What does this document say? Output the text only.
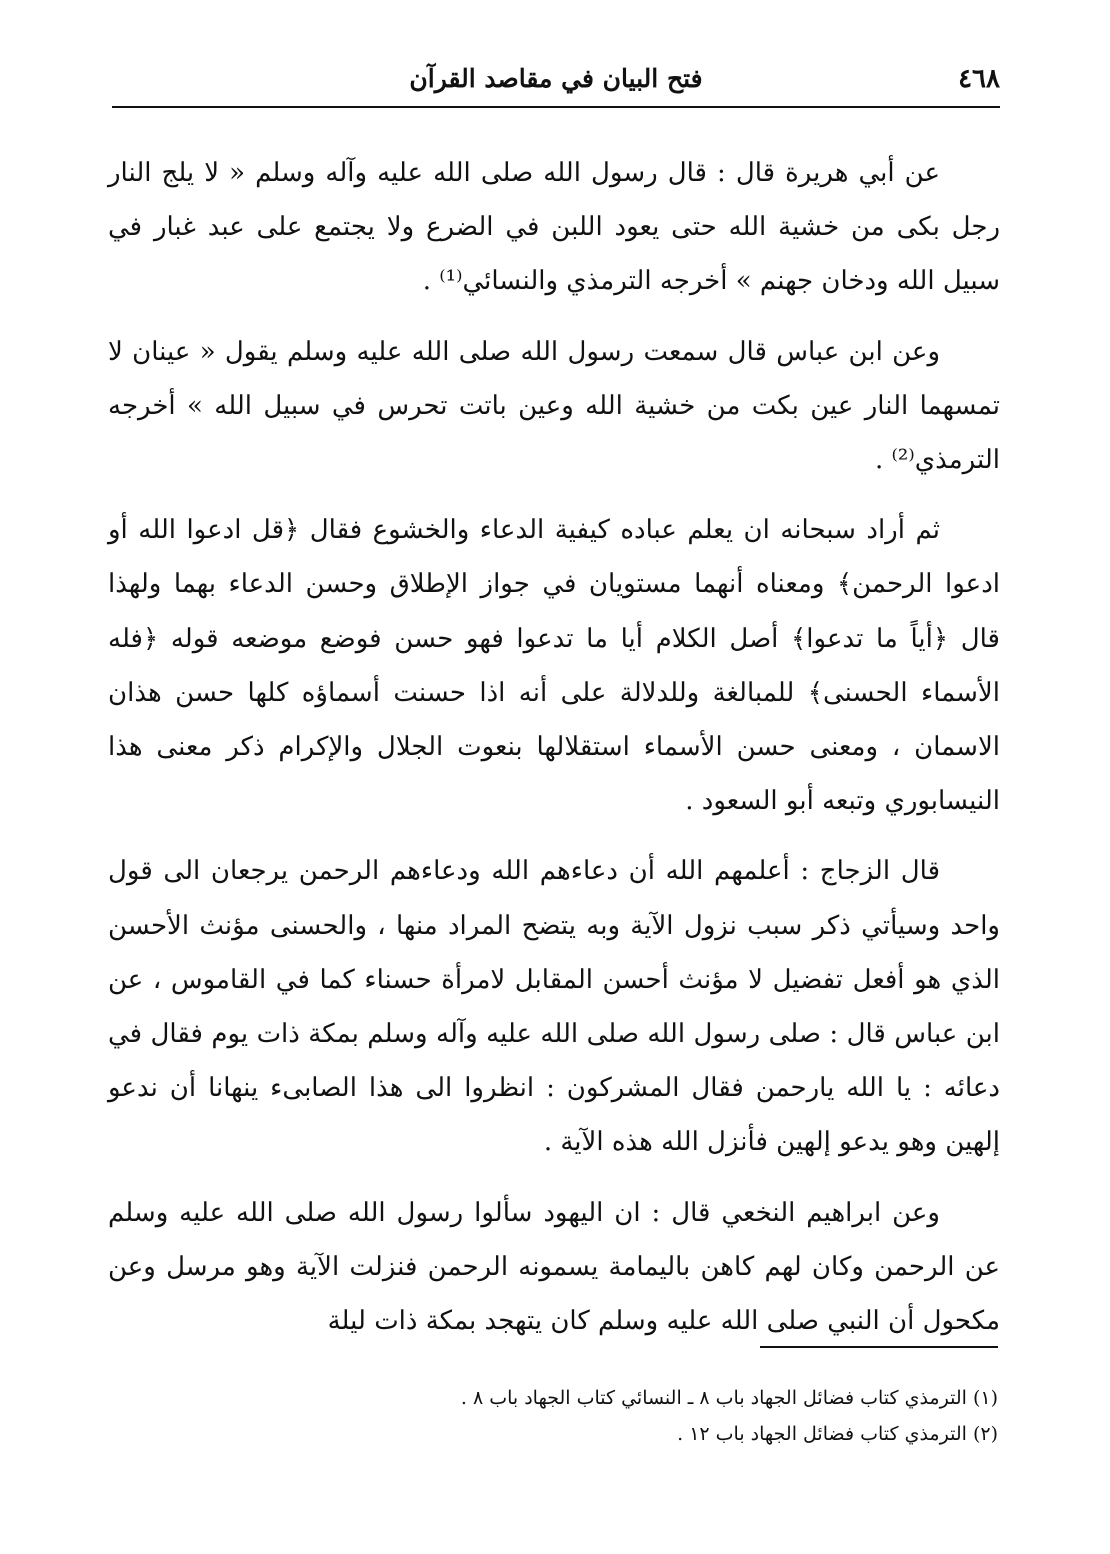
٤٦٨
فتح البيان في مقاصد القرآن

عن أبي هريرة قال : قال رسول الله صلى الله عليه وآله وسلم « لا يلج النار رجل بكى من خشية الله حتى يعود اللبن في الضرع ولا يجتمع على عبد غبار في سبيل الله ودخان جهنم » أخرجه الترمذي والنسائي⁽¹⁾ .

وعن ابن عباس قال سمعت رسول الله صلى الله عليه وسلم يقول « عينان لا تمسهما النار عين بكت من خشية الله وعين باتت تحرس في سبيل الله » أخرجه الترمذي⁽²⁾ .

ثم أراد سبحانه ان يعلم عباده كيفية الدعاء والخشوع فقال ﴿قل ادعوا الله أو ادعوا الرحمن﴾ ومعناه أنهما مستويان في جواز الإطلاق وحسن الدعاء بهما ولهذا قال ﴿أياً ما تدعوا﴾ أصل الكلام أيا ما تدعوا فهو حسن فوضع موضعه قوله ﴿فله الأسماء الحسنى﴾ للمبالغة وللدلالة على أنه اذا حسنت أسماؤه كلها حسن هذان الاسمان ، ومعنى حسن الأسماء استقلالها بنعوت الجلال والإكرام ذكر معنى هذا النيسابوري وتبعه أبو السعود .

قال الزجاج : أعلمهم الله أن دعاءهم الله ودعاءهم الرحمن يرجعان الى قول واحد وسيأتي ذكر سبب نزول الآية وبه يتضح المراد منها ، والحسنى مؤنث الأحسن الذي هو أفعل تفضيل لا مؤنث أحسن المقابل لامرأة حسناء كما في القاموس ، عن ابن عباس قال : صلى رسول الله صلى الله عليه وآله وسلم بمكة ذات يوم فقال في دعائه : يا الله يارحمن فقال المشركون : انظروا الى هذا الصابىء ينهانا أن ندعو إلهين وهو يدعو إلهين فأنزل الله هذه الآية .

وعن ابراهيم النخعي قال : ان اليهود سألوا رسول الله صلى الله عليه وسلم عن الرحمن وكان لهم كاهن باليمامة يسمونه الرحمن فنزلت الآية وهو مرسل وعن مكحول أن النبي صلى الله عليه وسلم كان يتهجد بمكة ذات ليلة

(١) الترمذي كتاب فضائل الجهاد باب ٨ ـ النسائي كتاب الجهاد باب ٨ .

(٢) الترمذي كتاب فضائل الجهاد باب ١٢ .
